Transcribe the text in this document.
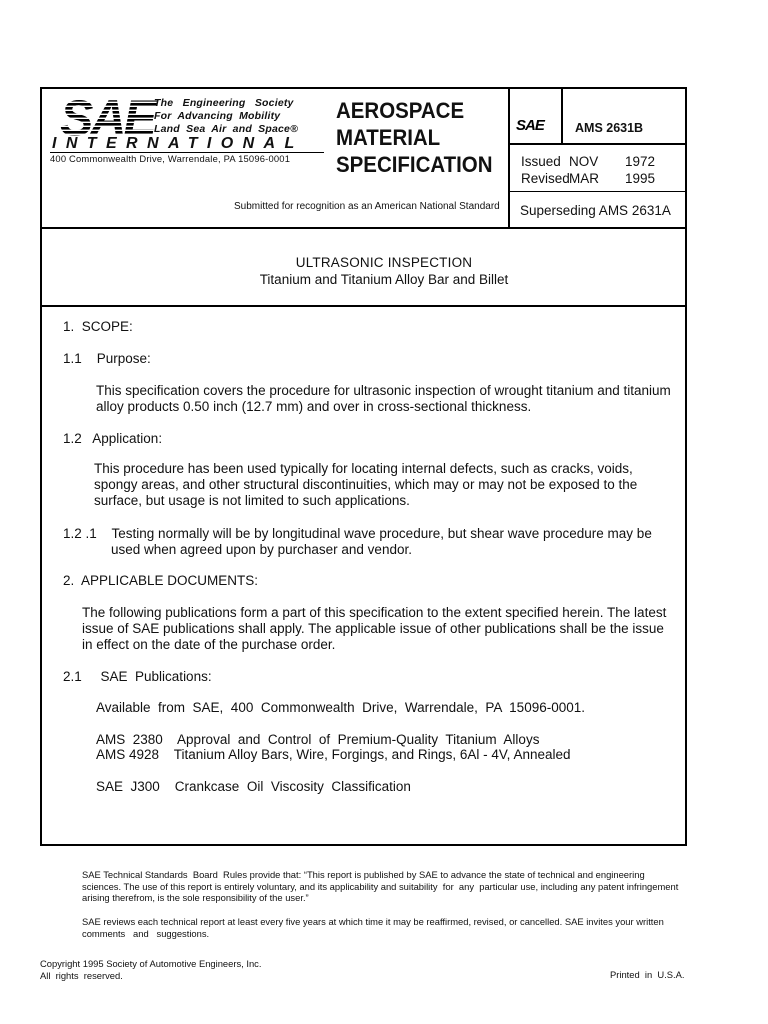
SAE The   Engineering   Society
For  Advancing  Mobility
Land  Sea  Air  and  Space®
INTERNATIONAL
400 Commonwealth Drive, Warrendale, PA 15096-0001
AEROSPACE
MATERIAL
SPECIFICATION
Submitted for recognition as an American National Standard
SAE AMS 2631B
Issued NOV 1972
RevisedMAR 1995
Superseding AMS 2631A
ULTRASONIC INSPECTION
Titanium and Titanium Alloy Bar and Billet
1.  SCOPE:
1.1    Purpose:
This specification covers the procedure for ultrasonic inspection of wrought titanium and titanium
alloy products 0.50 inch (12.7 mm) and over in cross-sectional thickness.
1.2   Application:
This procedure has been used typically for locating internal defects, such as cracks, voids,
spongy areas, and other structural discontinuities, which may or may not be exposed to the
surface, but usage is not limited to such applications.
1.2 .1    Testing normally will be by longitudinal wave procedure, but shear wave procedure may be
used when agreed upon by purchaser and vendor.
2.  APPLICABLE DOCUMENTS:
The following publications form a part of this specification to the extent specified herein. The latest
issue of SAE publications shall apply. The applicable issue of other publications shall be the issue
in effect on the date of the purchase order.
2.1     SAE  Publications:
Available  from  SAE,  400  Commonwealth  Drive,  Warrendale,  PA  15096-0001.
AMS  2380    Approval  and  Control  of  Premium-Quality  Titanium  Alloys
AMS 4928    Titanium Alloy Bars, Wire, Forgings, and Rings, 6Al - 4V, Annealed
SAE  J300    Crankcase  Oil  Viscosity  Classification
SAE Technical Standards  Board  Rules provide that: “This report is published by SAE to advance the state of technical and engineering
sciences. The use of this report is entirely voluntary, and its applicability and suitability  for  any  particular use, including any patent infringement
arising therefrom, is the sole responsibility of the user.”
SAE reviews each technical report at least every five years at which time it may be reaffirmed, revised, or cancelled. SAE invites your written
comments   and   suggestions.
Copyright 1995 Society of Automotive Engineers, Inc.
All  rights  reserved.	Printed  in  U.S.A.
